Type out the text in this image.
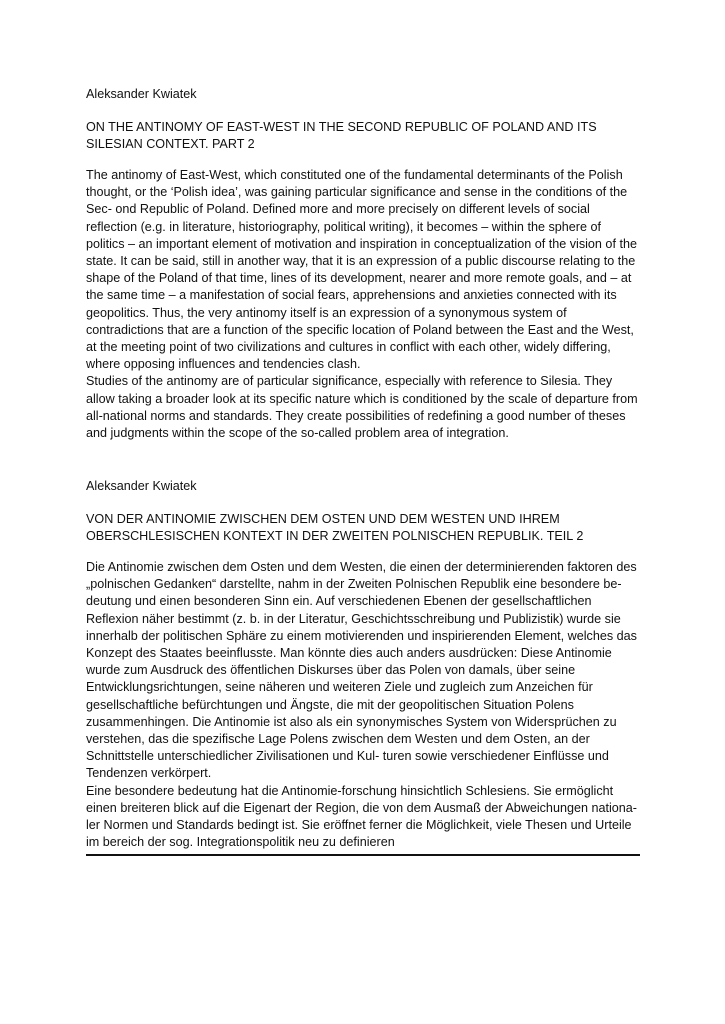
Aleksander Kwiatek

ON THE ANTINOMY OF EAST-WEST IN THE SECOND REPUBLIC OF POLAND AND ITS SILESIAN CONTEXT. PART 2

The antinomy of East-West, which constituted one of the fundamental determinants of the Polish thought, or the ‘Polish idea’, was gaining particular significance and sense in the conditions of the Sec- ond Republic of Poland. Defined more and more precisely on different levels of social reflection (e.g. in literature, historiography, political writing), it becomes – within the sphere of politics – an important element of motivation and inspiration in conceptualization of the vision of the state. It can be said, still in another way, that it is an expression of a public discourse relating to the shape of the Poland of that time, lines of its development, nearer and more remote goals, and – at the same time – a manifestation of social fears, apprehensions and anxieties connected with its geopolitics. Thus, the very antinomy itself is an expression of a synonymous system of contradictions that are a function of the specific location of Poland between the East and the West, at the meeting point of two civilizations and cultures in conflict with each other, widely differing, where opposing influences and tendencies clash.

Studies of the antinomy are of particular significance, especially with reference to Silesia. They allow taking a broader look at its specific nature which is conditioned by the scale of departure from all-national norms and standards. They create possibilities of redefining a good number of theses and judgments within the scope of the so-called problem area of integration.

Aleksander Kwiatek

VON DER ANTINOMIE ZWISCHEN DEM OSTEN UND DEM WESTEN UND IHREM OBERSCHLESISCHEN KONTEXT IN DER ZWEITEN POLNISCHEN REPUBLIK. TEIL 2

Die Antinomie zwischen dem Osten und dem Westen, die einen der determinierenden faktoren des „polnischen Gedanken“ darstellte, nahm in der Zweiten Polnischen Republik eine besondere be- deutung und einen besonderen Sinn ein. Auf verschiedenen Ebenen der gesellschaftlichen Reflexion näher bestimmt (z. b. in der Literatur, Geschichtsschreibung und Publizistik) wurde sie innerhalb der politischen Sphäre zu einem motivierenden und inspirierenden Element, welches das Konzept des Staates beeinflusste. Man könnte dies auch anders ausdrücken: Diese Antinomie wurde zum Ausdruck des öffentlichen Diskurses über das Polen von damals, über seine Entwicklungsrichtungen, seine näheren und weiteren Ziele und zugleich zum Anzeichen für gesellschaftliche befürchtungen und Ängste, die mit der geopolitischen Situation Polens zusammenhingen. Die Antinomie ist also als ein synonymisches System von Widersprüchen zu verstehen, das die spezifische Lage Polens zwischen dem Westen und dem Osten, an der Schnittstelle unterschiedlicher Zivilisationen und Kul- turen sowie verschiedener Einflüsse und Tendenzen verkörpert.

Eine besondere bedeutung hat die Antinomie-forschung hinsichtlich Schlesiens. Sie ermöglicht einen breiteren blick auf die Eigenart der Region, die von dem Ausmaß der Abweichungen nationa- ler Normen und Standards bedingt ist. Sie eröffnet ferner die Möglichkeit, viele Thesen und Urteile im bereich der sog. Integrationspolitik neu zu definieren
